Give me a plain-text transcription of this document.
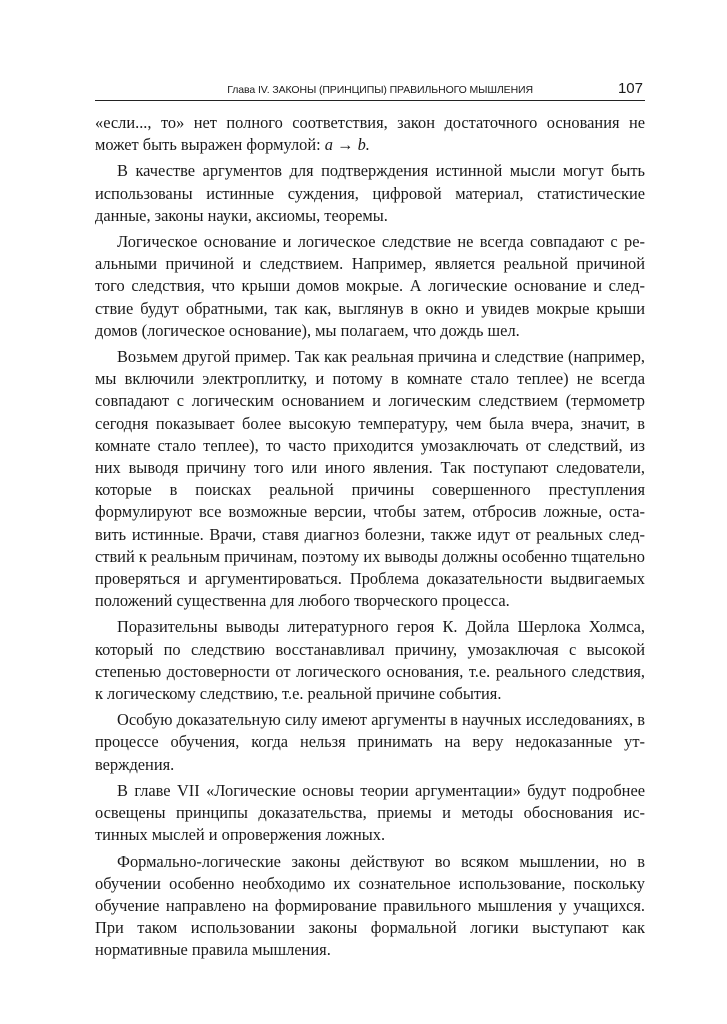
Глава IV. ЗАКОНЫ (ПРИНЦИПЫ) ПРАВИЛЬНОГО МЫШЛЕНИЯ	107

«если..., то» нет полного соответствия, закон достаточного основания не может быть выражен формулой: a → b.

В качестве аргументов для подтверждения истинной мысли могут быть использованы истинные суждения, цифровой материал, статистические данные, законы науки, аксиомы, теоремы.

Логическое основание и логическое следствие не всегда совпадают с реальными причиной и следствием. Например, является реальной причиной того следствия, что крыши домов мокрые. А логические основание и следствие будут обратными, так как, выглянув в окно и увидев мокрые крыши домов (логическое основание), мы полагаем, что дождь шел.

Возьмем другой пример. Так как реальная причина и следствие (например, мы включили электроплитку, и потому в комнате стало теплее) не всегда совпадают с логическим основанием и логическим следствием (термометр сегодня показывает более высокую температуру, чем была вчера, значит, в комнате стало теплее), то часто приходится умозаключать от следствий, из них выводя причину того или иного явления. Так поступают следователи, которые в поисках реальной причины совершенного преступления формулируют все возможные версии, чтобы затем, отбросив ложные, оставить истинные. Врачи, ставя диагноз болезни, также идут от реальных следствий к реальным причинам, поэтому их выводы должны особенно тщательно проверяться и аргументироваться. Проблема доказательности выдвигаемых положений существенна для любого творческого процесса.

Поразительны выводы литературного героя К. Дойла Шерлока Холмса, который по следствию восстанавливал причину, умозаключая с высокой степенью достоверности от логического основания, т.е. реального следствия, к логическому следствию, т.е. реальной причине события.

Особую доказательную силу имеют аргументы в научных исследованиях, в процессе обучения, когда нельзя принимать на веру недоказанные утверждения.

В главе VII «Логические основы теории аргументации» будут подробнее освещены принципы доказательства, приемы и методы обоснования истинных мыслей и опровержения ложных.

Формально-логические законы действуют во всяком мышлении, но в обучении особенно необходимо их сознательное использование, поскольку обучение направлено на формирование правильного мышления у учащихся. При таком использовании законы формальной логики выступают как нормативные правила мышления.
